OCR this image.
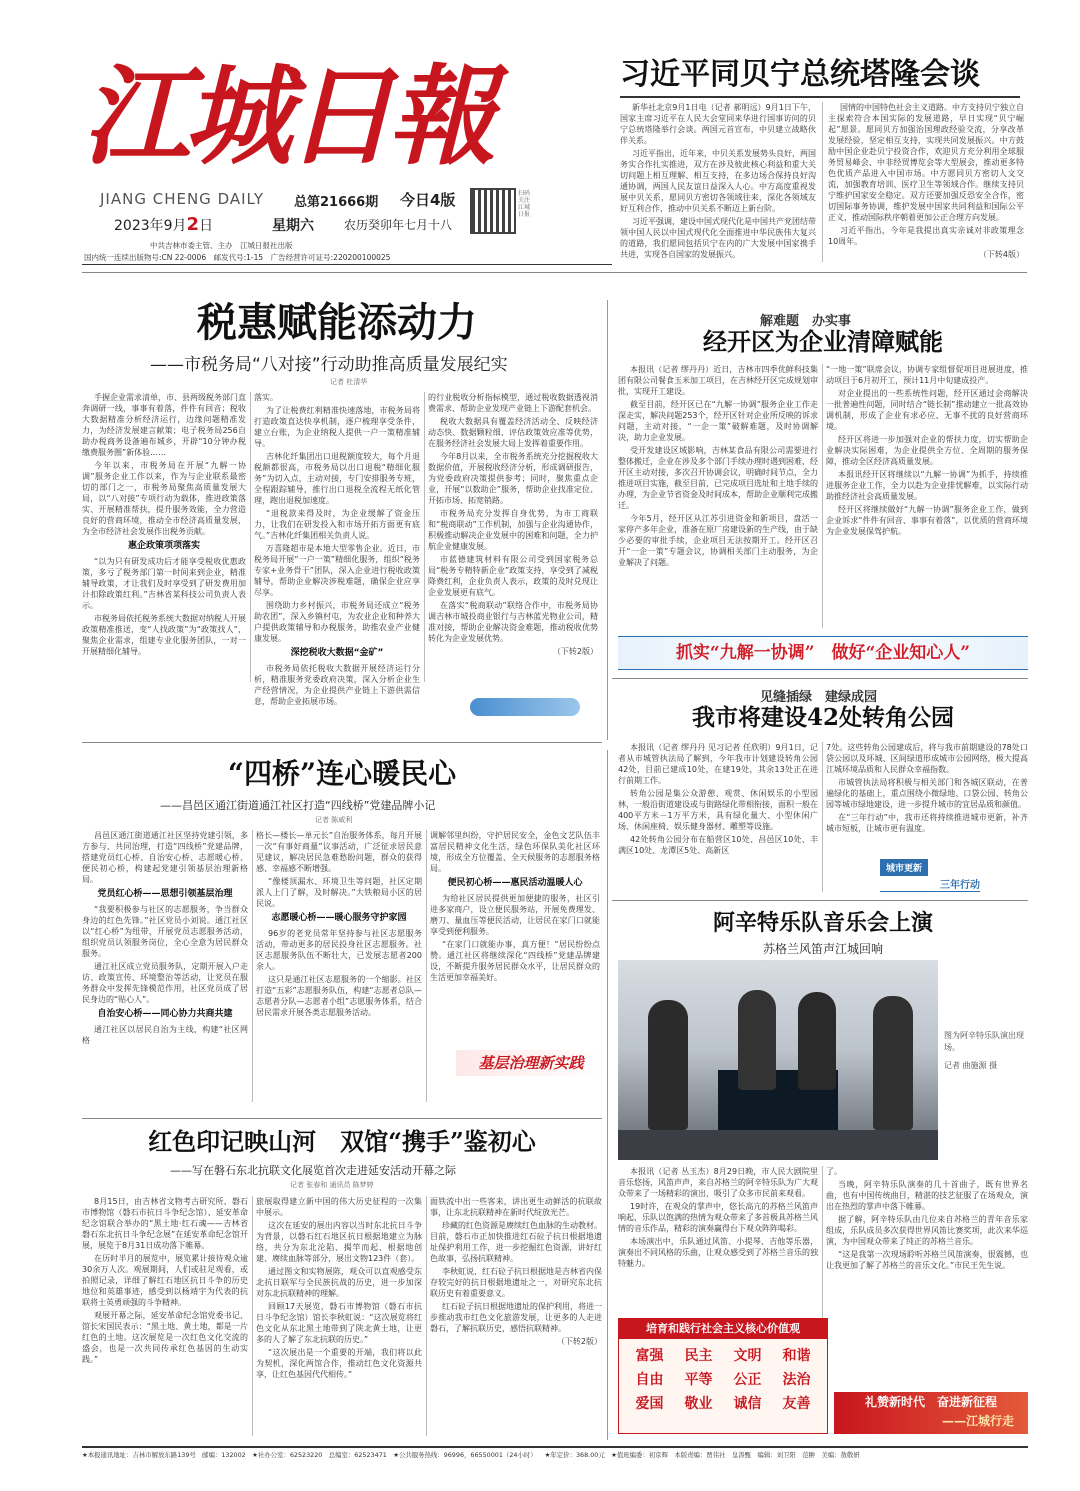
江城日報
JIANG CHENG DAILY 总第21666期 今日4版
2023年9月2日	星期六	农历癸卯年七月十八
扫码关注
江城日报
中共吉林市委主管、主办　江城日报社出版
国内统一连续出版物号:CN 22-0006　邮发代号:1-15　广告经营许可证号:220200100025
习近平同贝宁总统塔隆会谈

新华社北京9月1日电（记者 郝明远）9月1日下午，国家主席习近平在人民大会堂同来华进行国事访问的贝宁总统塔隆举行会谈。两国元首宣布，中贝建立战略伙伴关系。

习近平指出，近年来，中贝关系发展势头良好，两国务实合作扎实推进，双方在涉及彼此核心利益和重大关切问题上相互理解、相互支持，在多边场合保持良好沟通协调，两国人民友谊日益深入人心。中方高度重视发展中贝关系，愿同贝方密切各领域往来，深化各领域友好互利合作，推动中贝关系不断迈上新台阶。

习近平强调，建设中国式现代化是中国共产党团结带领中国人民以中国式现代化全面推进中华民族伟大复兴的道路，我们愿同包括贝宁在内的广大发展中国家携手共进，实现各自国家的发展振兴。

国情的中国特色社会主义道路。中方支持贝宁独立自主探索符合本国实际的发展道路，早日实现“贝宁崛起”愿景。愿同贝方加强治国理政经验交流，分享改革发展经验，坚定相互支持，实现共同发展振兴。中方鼓励中国企业赴贝宁投资合作，欢迎贝方充分利用全球服务贸易峰会、中非经贸博览会等大型展会，推动更多特色优质产品进入中国市场。中方愿同贝方密切人文交流，加强教育培训、医疗卫生等领域合作。继续支持贝宁维护国家安全稳定。双方还要加强反恐安全合作，密切国际事务协调，维护发展中国家共同利益和国际公平正义，推动国际秩序朝着更加公正合理方向发展。

习近平指出，今年是我提出真实亲诚对非政策理念10周年。

（下转4版）
税惠赋能添动力
——市税务局“八对接”行动助推高质量发展纪实
记者 杜清华

手握企业需求清单，市、县两级税务部门直奔调研一线，事事有着落，件件有回音；税收大数据精准分析经济运行，边缘问题精准发力，为经济发展建言献策；电子税务局256自助办税商务设备遍布城乡，开辟“10分钟办税缴费服务圈”新体验……

今年以来，市税务局在开展“九解一协调”服务企业工作以来，作为与企业联系最密切的部门之一，市税务局聚焦高质量发展大局，以“八对接”专项行动为载体，推进政策落实、开展精准帮扶，提升服务效能，全力营造良好的营商环境，推动全市经济高质量发展，为全市经济社会发展作出税务贡献。

惠企政策项项落实

“以为只有研发成功后才能享受税收优惠政策，多亏了税务部门第一时间来到企业，精准辅导政策，才让我们及时享受到了研发费用加计扣除政策红利。”吉林省某科技公司负责人表示。

市税务局依托税务系统大数据对纳税人开展政策精准推送，变“人找政策”为“政策找人”，聚焦企业需求，组建专业化服务团队，一对一开展精细化辅导。

落实。

为了让税费红利精准快速落地，市税务局将打造政策直达快享机制，逐户梳理享受条件，建立台账，为企业纳税人提供一户一策精准辅导。

吉林化纤集团出口退税额度较大，每个月退税额都很高，市税务局以出口退税“精细化服务”为切入点，主动对接，专门安排服务专班，全程跟踪辅导，推行出口退税全流程无纸化管理，跑出退税加速度。

“退税款来得及时，为企业缓解了资金压力，让我们在研发投入和市场开拓方面更有底气。”吉林化纤集团相关负责人说。

万喜隆超市是本地大型零售企业。近日，市税务局开展“一户一策”精细化服务，组织“税务专家+业务骨干”团队，深入企业进行税收政策辅导，帮助企业解决涉税难题，确保企业应享尽享。

围绕助力乡村振兴，市税务局还成立“税务助农团”，深入乡镇村屯，为农业企业和种养大户提供政策辅导和办税服务，助推农业产业健康发展。

深挖税收大数据“金矿”

市税务局依托税收大数据开展经济运行分析，精准服务党委政府决策，深入分析企业生产经营情况，为企业提供产业链上下游供需信息，帮助企业拓展市场。

的行业税收分析指标模型，通过税收数据透视消费需求、帮助企业发现产业链上下游配套机会。

税收大数据具有覆盖经济活动全、反映经济动态快、数据颗粒细、评估政策效应准等优势，在服务经济社会发展大局上发挥着重要作用。

今年8月以来，全市税务系统充分挖掘税收大数据价值，开展税收经济分析，形成调研报告，为党委政府决策提供参考；同时，聚焦重点企业，开展“以数助企”服务，帮助企业找准定位、开拓市场、拓宽销路。

市税务局充分发挥自身优势，为市工商联和“税商联动”工作机制，加强与企业沟通协作，积极推动解决企业发展中的困难和问题，全力护航企业健康发展。

市蓝德建筑材料有限公司受到国家税务总局“税务专精特新企业”政策支持，享受到了减税降费红利，企业负责人表示，政策的及时兑现让企业发展更有底气。

在落实“税商联动”联络合作中，市税务局协调吉林市城投商业银行与吉林蓝光物业公司，精准对接，帮助企业解决资金难题，推动税收优势转化为企业发展优势。

（下转2版）
解难题　办实事
经开区为企业清障赋能

本报讯（记者 缪丹丹）近日，吉林市四季优鲜科技集团有限公司餐食玉米加工项目，在吉林经开区完成规划审批，实现开工建设。

截至目前，经开区已在“九解一协调”服务企业工作走深走实，解决问题253个，经开区针对企业所反映的诉求问题，主动对接，“一企一策”破解难题，及时协调解决，助力企业发展。

受开发建设区域影响，吉林某食品有限公司需要进行整体搬迁，企业在涉及多个部门手续办理时遇到困难，经开区主动对接，多次召开协调会议，明确时间节点，全力推进项目实施，截至目前，已完成项目选址和土地手续的办理，为企业节省资金及时间成本，帮助企业顺利完成搬迁。

今年5月，经开区从江苏引进资金和新项目，盘活一家停产多年企业，准备在原厂房建设新的生产线，由于缺少必要的审批手续，企业项目无法按期开工。经开区召开“一企一策”专题会议，协调相关部门主动服务，为企业解决了问题。

“一地一策”联席会议，协调专家组督促项目进展进度，推动项目于6月初开工，预计11月中旬建成投产。

对企业提出的一些系统性问题，经开区通过会商解决一批普遍性问题，同时结合“链长制”推动建立一批高效协调机制，形成了企业有求必应、无事不扰的良好营商环境。

经开区将进一步加强对企业的帮扶力度，切实帮助企业解决实际困难，为企业提供全方位、全周期的服务保障，推动全区经济高质量发展。

本报讯经开区将继续以“九解一协调”为抓手，持续推进服务企业工作，全力以赴为企业排忧解难，以实际行动助推经济社会高质量发展。

经开区将继续做好“九解一协调”服务企业工作，做到企业诉求“件件有回音、事事有着落”，以优质的营商环境为企业发展保驾护航。

抓实“九解一协调”　做好“企业知心人”
见缝插绿　建绿成园
我市将建设42处转角公园

本报讯（记者 缪丹丹 见习记者 任欣明）9月1日，记者从市城管执法局了解到，今年我市计划建设转角公园42处，目前已建成10处，在建19处，其余13处正在进行前期工作。

转角公园是集公众游憩、观赏、休闲娱乐的小型园林，一般沿街道建设或与街路绿化带相衔接，面积一般在400平方米－1万平方米，具有绿化量大、小型休闲广场、休闲座椅、娱乐健身器材、雕塑等设施。

42处转角公园分布在船营区10处、昌邑区10处、丰满区10处、龙潭区5处、高新区

7处。这些转角公园建成后，将与我市前期建设的78处口袋公园以及环城、区间绿道形成城市公园网络，极大提高江城环境品质和人民群众幸福指数。

市城管执法局将积极与相关部门和各城区联动，在普遍绿化的基础上，重点围绕小微绿地、口袋公园、转角公园等城市绿地建设，进一步提升城市的宜居品质和颜值。

在“三年行动”中，我市还将持续推进城市更新，补齐城市短板，让城市更有温度。

城市更新
三年行动
“四桥”连心暖民心
——昌邑区通江街道通江社区打造“四线桥”党建品牌小记
记者 陈威利

昌邑区通江街道通江社区坚持党建引领，多方参与、共同治理，打造“四线桥”党建品牌，搭建党员红心桥、自治安心桥、志愿暖心桥、便民初心桥，构建起党建引领基层治理新格局。

党员红心桥——思想引领基层治理

“我要积极参与社区的志愿服务，争当群众身边的红色先锋。”社区党员小刘说。通江社区以“红心桥”为纽带，开展党员志愿服务活动，组织党员认领服务岗位，全心全意为居民群众服务。

通江社区成立党员服务队，定期开展入户走访、政策宣传、环境整治等活动，让党员在服务群众中发挥先锋模范作用，社区党员成了居民身边的“贴心人”。

自治安心桥——同心协力共商共建

通江社区以居民自治为主线，构建“社区网格

格长—楼长—单元长”自治服务体系，每月开展一次“有事好商量”议事活动，广泛征求居民意见建议，解决居民急难愁盼问题，群众的获得感、幸福感不断增强。

“像楼顶漏水、环境卫生等问题，社区定期派人上门了解，及时解决。”大铁粮局小区的居民说。

志愿暖心桥——暖心服务守护家园

96岁的老党员常年坚持参与社区志愿服务活动，带动更多的居民投身社区志愿服务。社区志愿服务队伍不断壮大，已发展志愿者200余人。

这只是通江社区志愿服务的一个缩影。社区打造“五彩”志愿服务队伍，构建“志愿者总队—志愿者分队—志愿者小组”志愿服务体系，结合居民需求开展各类志愿服务活动。

调解邻里纠纷，守护居民安全，金色文艺队伍丰富居民精神文化生活，绿色环保队美化社区环境，形成全方位覆盖、全天候服务的志愿服务格局。

便民初心桥——惠民活动温暖人心

为给社区居民提供更加便捷的服务，社区引进多家商户，设立便民服务站，开展免费理发、磨刀、量血压等便民活动，让居民在家门口就能享受到便利服务。

“在家门口就能办事，真方便！”居民纷纷点赞。通江社区将继续深化“四线桥”党建品牌建设，不断提升服务居民群众水平，让居民群众的生活更加幸福美好。

基层治理新实践
阿辛特乐队音乐会上演
苏格兰风笛声江城回响
图为阿辛特乐队演出现场。
记者 曲施源 摄

本报讯（记者 丛玉杰）8月29日晚，市人民大剧院里音乐悠扬，风笛声声，来自苏格兰的阿辛特乐队为广大观众带来了一场精彩的演出，吸引了众多市民前来观看。

19时许，在观众的掌声中，悠长高亢的苏格兰风笛声响起，乐队以饱满的热情为观众带来了多首极具苏格兰风情的音乐作品，精彩的演奏赢得台下观众阵阵喝彩。

本场演出中，乐队通过风笛、小提琴、吉他等乐器，演奏出不同风格的乐曲，让观众感受到了苏格兰音乐的独特魅力。

了。

当晚，阿辛特乐队演奏的几十首曲子，既有世界名曲，也有中国传统曲目，精湛的技艺征服了在场观众，演出在热烈的掌声中落下帷幕。

据了解，阿辛特乐队由几位来自苏格兰的青年音乐家组成，乐队成员多次获得世界风笛比赛奖项，此次来华巡演，为中国观众带来了纯正的苏格兰音乐。

“这是我第一次现场聆听苏格兰风笛演奏，很震撼，也让我更加了解了苏格兰的音乐文化。”市民王先生说。

培育和践行社会主义核心价值观
富强	民主	文明	和谐
自由	平等	公正	法治
爱国	敬业	诚信	友善	礼赞新时代　奋进新征程
——江城行走
红色印记映山河　双馆“携手”鉴初心
——写在磐石东北抗联文化展览首次走进延安活动开幕之际
记者 张春和 通讯员 陈梦婷

8月15日，由吉林省文物考古研究所、磐石市博物馆（磐石市抗日斗争纪念馆）、延安革命纪念馆联合举办的“黑土地·红石魂——吉林省磐石东北抗日斗争纪念展”在延安革命纪念馆开展，展览于8月31日成功落下帷幕。

在历时半月的展览中，展览累计接待观众逾30余万人次。观展期间，人们或驻足观看，或拍照记录，详细了解红石地区抗日斗争的历史地位和英雄事迹，感受到以杨靖宇为代表的抗联将士英勇顽强的斗争精神。

观展开幕之际，延安革命纪念馆党委书记、馆长宋国民表示：“黑土地、黄土地，都是一片红色的土地。这次展览是一次红色文化交流的盛会，也是一次共同传承红色基因的生动实践。”

旅展取得建立新中国的伟大历史征程的一次集中展示。

这次在延安的展出内容以当时东北抗日斗争为背景，以磐石红石地区抗日根据地建立为脉络，共分为东北沦陷、揭竿而起、根据地创建、赓续血脉等部分，展出文物123件（套）。

通过图文和实物展陈，观众可以直观感受东北抗日联军与全民族抗战的历史，进一步加深对东北抗联精神的理解。

回顾17天展览，磐石市博物馆（磐石市抗日斗争纪念馆）馆长李秋虹说：“这次展览将红色文化从东北黑土地带到了陕北黄土地，让更多的人了解了东北抗联的历史。”

“这次展出是一个重要的开端，我们将以此为契机，深化两馆合作，推动红色文化资源共享，让红色基因代代相传。”

面铁流中出一些客来，讲出更生动鲜活的抗联故事，让东北抗联精神在新时代绽放光芒。

珍藏的红色资源是赓续红色血脉的生动教材。目前，磐石市正加快推进红石砬子抗日根据地遗址保护利用工作，进一步挖掘红色资源，讲好红色故事，弘扬抗联精神。

李秋虹说，红石砬子抗日根据地是吉林省内保存较完好的抗日根据地遗址之一，对研究东北抗联历史有着重要意义。

红石砬子抗日根据地遗址的保护利用，将进一步推动我市红色文化旅游发展，让更多的人走进磐石，了解抗联历史，感悟抗联精神。

（下转2版）
★本报通讯地址：吉林市解放东路139号　邮编：132002　★社办公室：62523220　总编室：62523471　★公共服务热线：96996，66550001（24小时） ★年定价：368.00元　★值班编委：初京辉　本版责编：贾伟社　皇涛甄　编辑：刘卫阳　范翀　美编：敖敬妍
